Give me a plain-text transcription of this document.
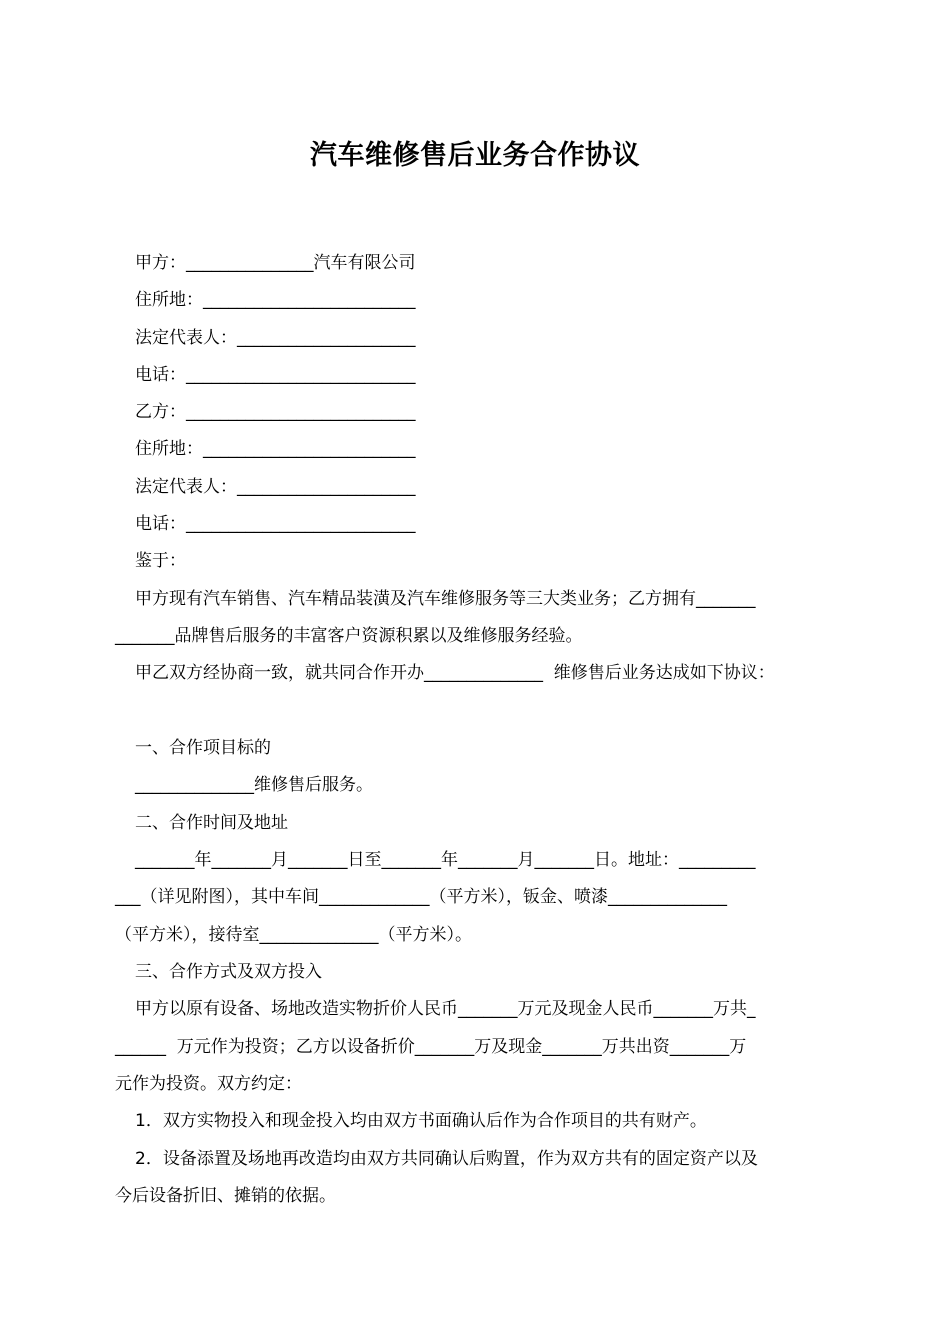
汽车维修售后业务合作协议
甲方：_______________汽车有限公司
住所地：_________________________
法定代表人：_____________________
电话：___________________________
乙方：___________________________
住所地：_________________________
法定代表人：_____________________
电话：___________________________
鉴于：
甲方现有汽车销售、汽车精品装潢及汽车维修服务等三大类业务；乙方拥有_______
_______品牌售后服务的丰富客户资源积累以及维修服务经验。
甲乙双方经协商一致，就共同合作开办______________  维修售后业务达成如下协议：
一、合作项目标的
______________维修售后服务。
二、合作时间及地址
_______年_______月_______日至_______年_______月_______日。地址：_________
___（详见附图），其中车间_____________（平方米），钣金、喷漆______________
（平方米），接待室______________（平方米）。
三、合作方式及双方投入
甲方以原有设备、场地改造实物折价人民币_______万元及现金人民币_______万共_
______  万元作为投资；乙方以设备折价_______万及现金_______万共出资_______万
元作为投资。双方约定：
1．双方实物投入和现金投入均由双方书面确认后作为合作项目的共有财产。
2．设备添置及场地再改造均由双方共同确认后购置，作为双方共有的固定资产以及
今后设备折旧、摊销的依据。
